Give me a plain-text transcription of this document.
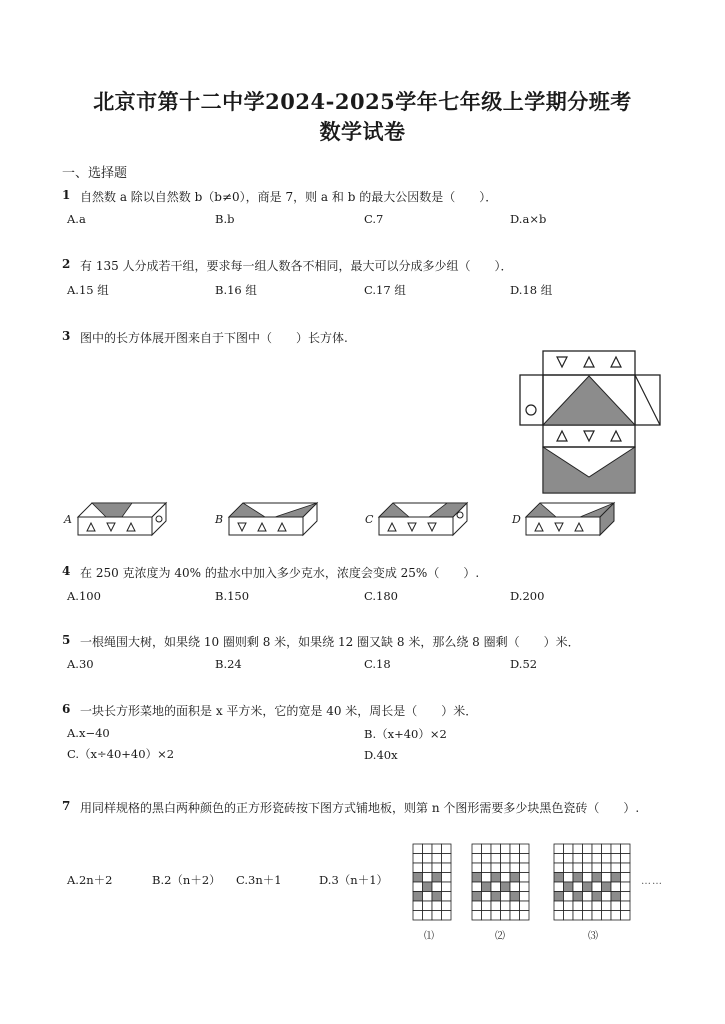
北京市第十二中学2024-2025学年七年级上学期分班考
数学试卷
一、选择题
1 自然数 a 除以自然数 b（b≠0），商是 7，则 a 和 b 的最大公因数是（　　）．
A.a	B.b	C.7	D.a×b
2 有 135 人分成若干组，要求每一组人数各不相同，最大可以分成多少组（　　）．
A.15 组	B.16 组	C.17 组	D.18 组
3 图中的长方体展开图来自于下图中（　　）长方体.
A	B	C	D
4 在 250 克浓度为 40% 的盐水中加入多少克水，浓度会变成 25%（　　）.
A.100	B.150	C.180	D.200
5 一根绳围大树，如果绕 10 圈则剩 8 米，如果绕 12 圈又缺 8 米，那么绕 8 圈剩（　　）米．
A.30	B.24	C.18	D.52
6 一块长方形菜地的面积是 x 平方米，它的宽是 40 米，周长是（　　）米．
A.x−40	B.（x+40）×2
C.（x÷40+40）×2	D.40x
7 用同样规格的黑白两种颜色的正方形瓷砖按下图方式铺地板，则第 n 个图形需要多少块黑色瓷砖（　　）.
A.2n＋2	B.2（n＋2） C.3n＋1	D.3（n＋1）
⑴	⑵	⑶
……
